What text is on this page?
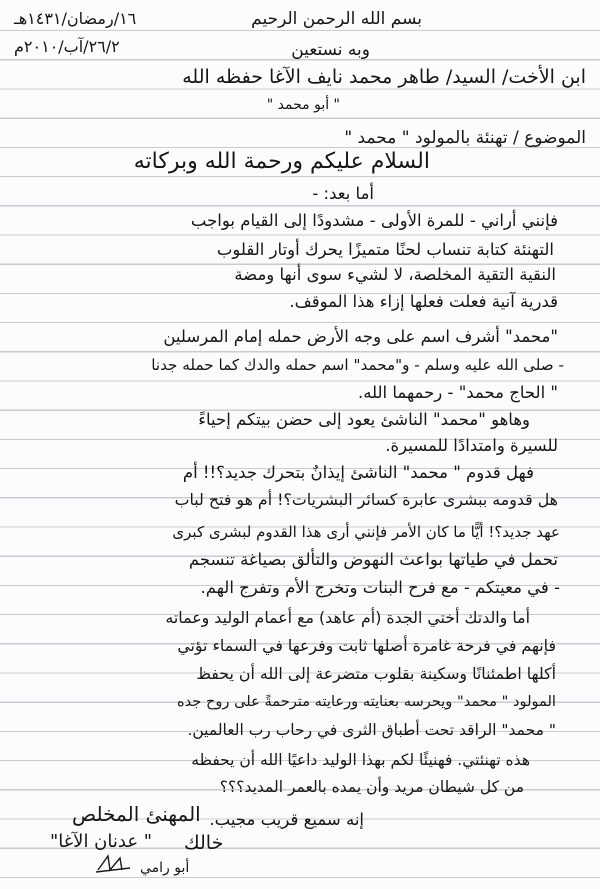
١٦/رمضان/١٤٣١هـ	بسم الله الرحمن الرحيم
٢٦/٢/آب/٢٠١٠م	وبه نستعين
ابن الأخت/ السيد/ طاهر محمد نايف الآغا حفظه الله
" أبو محمد "
الموضوع / تهنئة بالمولود " محمد "
السلام عليكم ورحمة الله وبركاته
أما بعد: -
فإنني أراني - للمرة الأولى - مشدودًا إلى القيام بواجب
التهنئة كتابة تنساب لحنًا متميزًا يحرك أوتار القلوب
النقية التقية المخلصة، لا لشيء سوى أنها ومضة
قدرية آنية فعلت فعلها إزاء هذا الموقف.
"محمد" أشرف اسم على وجه الأرض حمله إمام المرسلين
- صلى الله عليه وسلم - و"محمد" اسم حمله والدك كما حمله جدنا
" الحاج محمد" - رحمهما الله.
وهاهو "محمد" الناشئ يعود إلى حضن بيتكم إحياءً
للسيرة وامتدادًا للمسيرة.
فهل قدوم " محمد" الناشئ إيذانٌ بتحرك جديد؟!! أم
هل قدومه ببشرى عابرة كسائر البشريات؟! أم هو فتح لباب
عهد جديد؟! أيًّا ما كان الأمر فإنني أرى هذا القدوم لبشرى كبرى
تحمل في طياتها بواعث النهوض والتألق بصياغة تنسجم
- في معيتكم - مع فرح البنات وتخرج الأم وتفرج الهم.
أما والدتك أختي الجدة (أم عاهد) مع أعمام الوليد وعماته
فإنهم في فرحة غامرة أصلها ثابت وفرعها في السماء تؤتي
أكلها اطمئنانًا وسكينة بقلوب متضرعة إلى الله أن يحفظ
المولود " محمد" ويحرسه بعنايته ورعايته مترحمةً على روح جده
" محمد" الراقد تحت أطباق الثرى في رحاب رب العالمين.
هذه تهنئتي. فهنيئًا لكم بهذا الوليد داعيًا الله أن يحفظه
من كل شيطان مريد وأن يمده بالعمر المديد؟؟؟
إنه سميع قريب مجيب.
المهنئ المخلص
خالك
" عدنان الآغا"
أبو رامي
